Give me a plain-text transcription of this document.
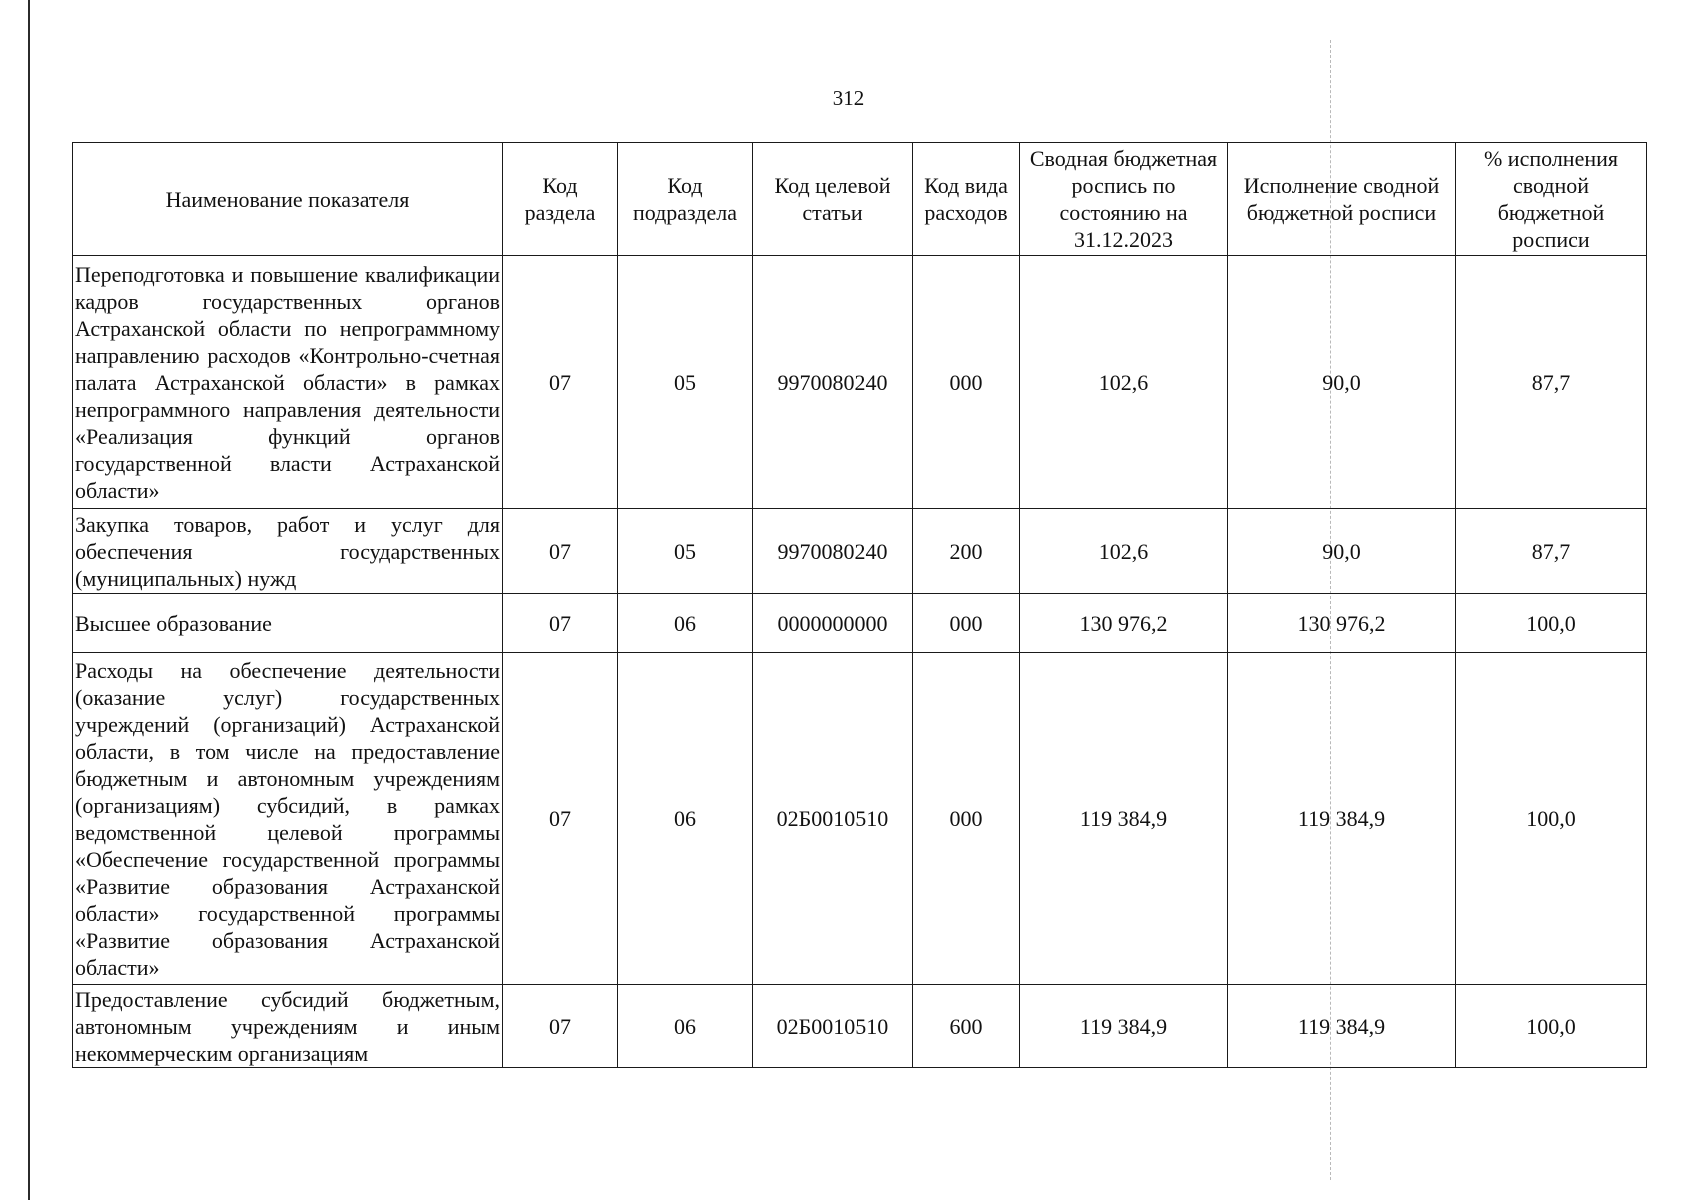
312
Наименование показателя	Код раздела	Код подраздела	Код целевой статьи	Код вида расходов	Сводная бюджетная роспись по состоянию на 31.12.2023	Исполнение сводной бюджетной росписи	% исполнения сводной бюджетной росписи
Переподготовка и повышение квалификации кадров государственных органов Астраханской области по непрограммному направлению расходов «Контрольно-счетная палата Астраханской области» в рамках непрограммного направления деятельности «Реализация функций органов государственной власти Астраханской области»	07	05	9970080240	000	102,6	90,0	87,7
Закупка товаров, работ и услуг для обеспечения государственных (муниципальных) нужд	07	05	9970080240	200	102,6	90,0	87,7
Высшее образование	07	06	0000000000	000	130 976,2	130 976,2	100,0
Расходы на обеспечение деятельности (оказание услуг) государственных учреждений (организаций) Астраханской области, в том числе на предоставление бюджетным и автономным учреждениям (организациям) субсидий, в рамках ведомственной целевой программы «Обеспечение государственной программы «Развитие образования Астраханской области» государственной программы «Развитие образования Астраханской области»	07	06	02Б0010510	000	119 384,9	119 384,9	100,0
Предоставление субсидий бюджетным, автономным учреждениям и иным некоммерческим организациям	07	06	02Б0010510	600	119 384,9	119 384,9	100,0
